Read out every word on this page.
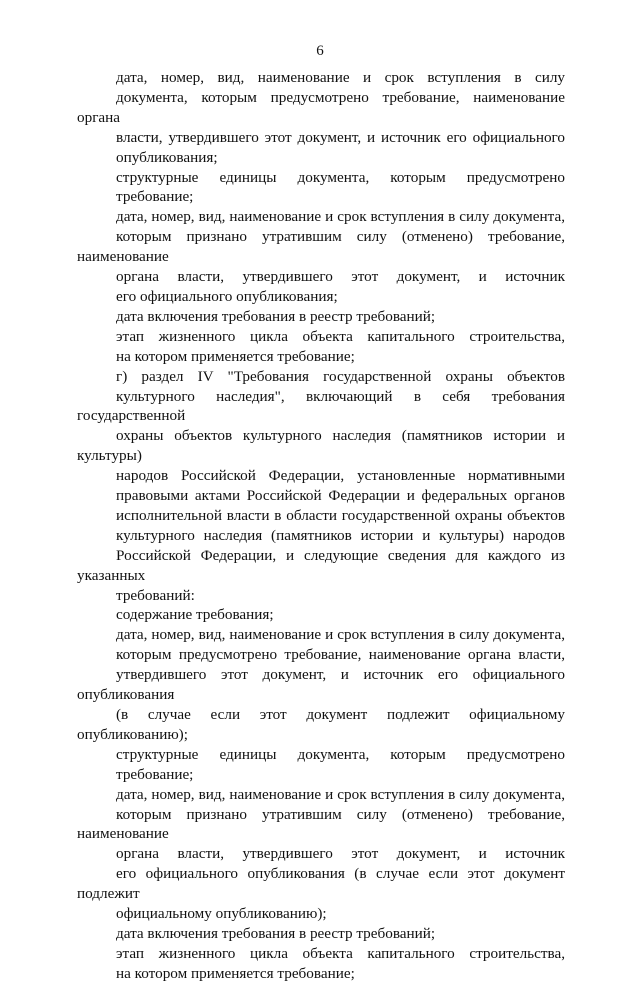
6
дата, номер, вид, наименование и срок вступления в силу
документа, которым предусмотрено требование, наименование органа
власти, утвердившего этот документ, и источник его официального
опубликования;
структурные единицы документа, которым предусмотрено
требование;
дата, номер, вид, наименование и срок вступления в силу документа,
которым признано утратившим силу (отменено) требование, наименование
органа власти, утвердившего этот документ, и источник
его официального опубликования;
дата включения требования в реестр требований;
этап жизненного цикла объекта капитального строительства,
на котором применяется требование;
г) раздел IV "Требования государственной охраны объектов
культурного наследия", включающий в себя требования государственной
охраны объектов культурного наследия (памятников истории и культуры)
народов Российской Федерации, установленные нормативными
правовыми актами Российской Федерации и федеральных органов
исполнительной власти в области государственной охраны объектов
культурного наследия (памятников истории и культуры) народов
Российской Федерации, и следующие сведения для каждого из указанных
требований:
содержание требования;
дата, номер, вид, наименование и срок вступления в силу документа,
которым предусмотрено требование, наименование органа власти,
утвердившего этот документ, и источник его официального опубликования
(в случае если этот документ подлежит официальному опубликованию);
структурные единицы документа, которым предусмотрено
требование;
дата, номер, вид, наименование и срок вступления в силу документа,
которым признано утратившим силу (отменено) требование, наименование
органа власти, утвердившего этот документ, и источник
его официального опубликования (в случае если этот документ подлежит
официальному опубликованию);
дата включения требования в реестр требований;
этап жизненного цикла объекта капитального строительства,
на котором применяется требование;
